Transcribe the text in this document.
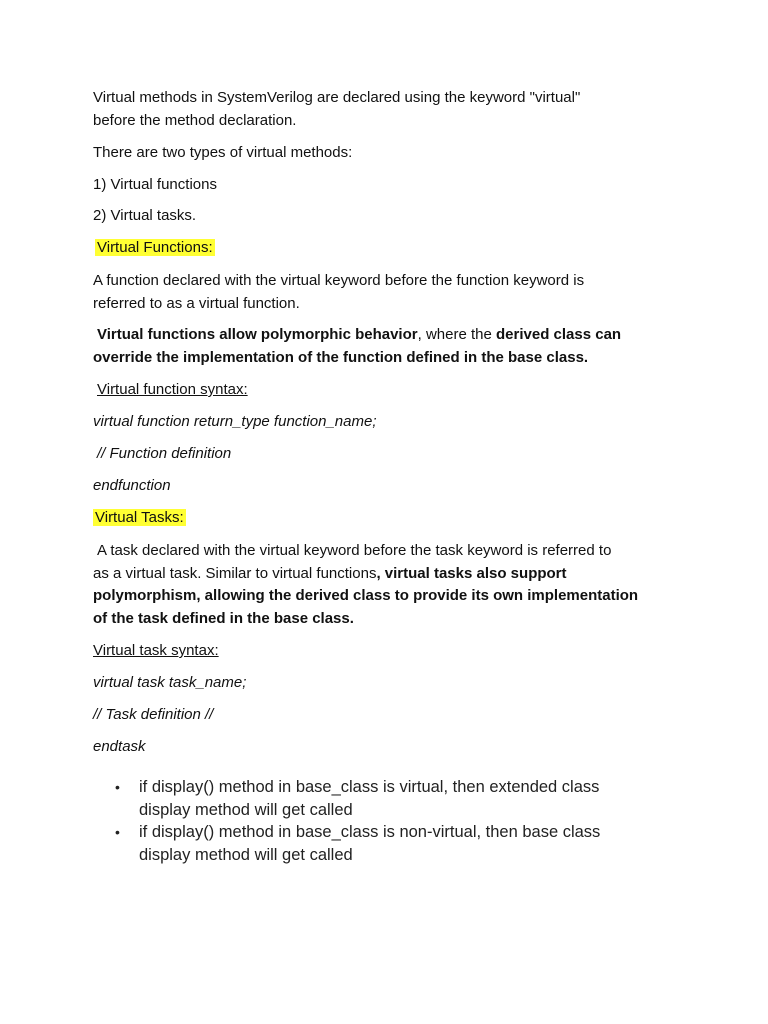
Virtual methods in SystemVerilog are declared using the keyword "virtual"
before the method declaration.

There are two types of virtual methods:

1) Virtual functions

2) Virtual tasks.

Virtual Functions:

A function declared with the virtual keyword before the function keyword is
referred to as a virtual function.

Virtual functions allow polymorphic behavior, where the derived class can
override the implementation of the function defined in the base class.

Virtual function syntax:

virtual function return_type function_name;

// Function definition

endfunction

Virtual Tasks:

A task declared with the virtual keyword before the task keyword is referred to
as a virtual task. Similar to virtual functions, virtual tasks also support
polymorphism, allowing the derived class to provide its own implementation
of the task defined in the base class.

Virtual task syntax:

virtual task task_name;

// Task definition //

endtask

• if display() method in base_class is virtual, then extended class
display method will get called
• if display() method in base_class is non-virtual, then base class
display method will get called
